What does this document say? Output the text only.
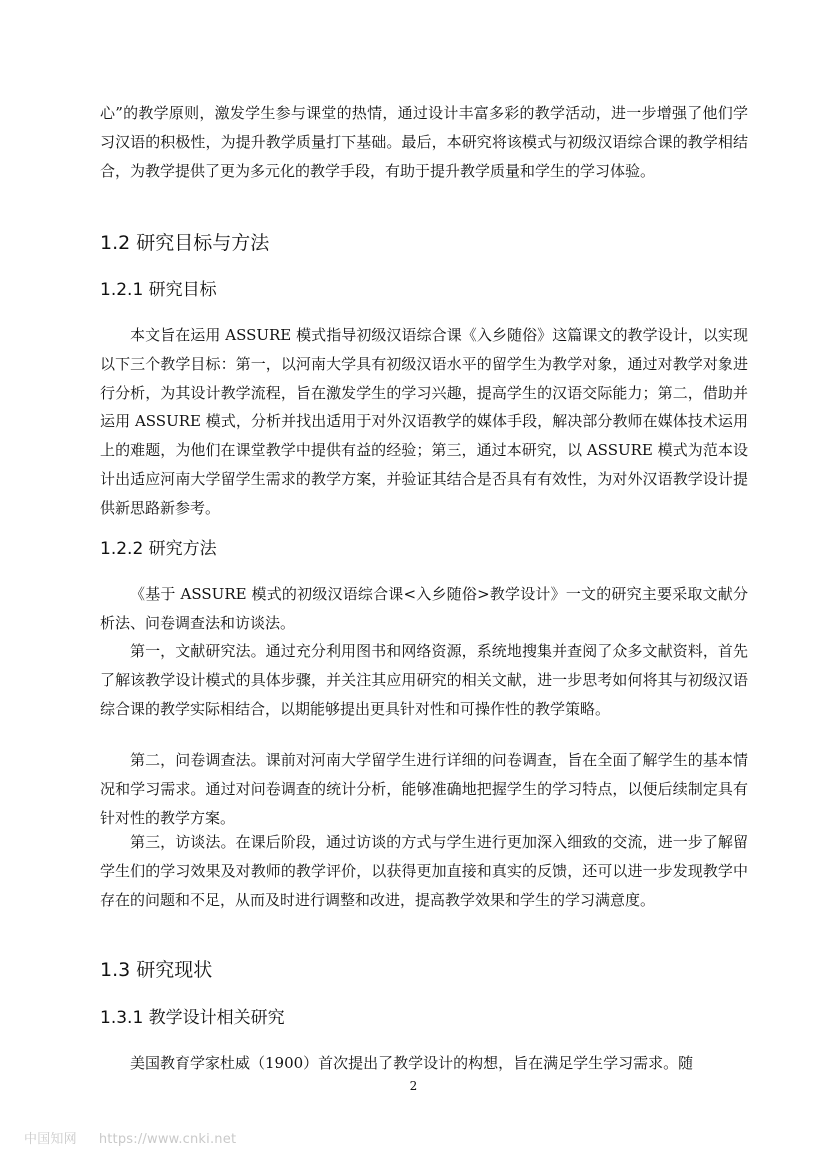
心”的教学原则，激发学生参与课堂的热情，通过设计丰富多彩的教学活动，进一步增强了他们学习汉语的积极性，为提升教学质量打下基础。最后，本研究将该模式与初级汉语综合课的教学相结合，为教学提供了更为多元化的教学手段，有助于提升教学质量和学生的学习体验。

1.2 研究目标与方法
1.2.1 研究目标

本文旨在运用 ASSURE 模式指导初级汉语综合课《入乡随俗》这篇课文的教学设计，以实现以下三个教学目标：第一，以河南大学具有初级汉语水平的留学生为教学对象，通过对教学对象进行分析，为其设计教学流程，旨在激发学生的学习兴趣，提高学生的汉语交际能力；第二，借助并运用 ASSURE 模式，分析并找出适用于对外汉语教学的媒体手段，解决部分教师在媒体技术运用上的难题，为他们在课堂教学中提供有益的经验；第三，通过本研究，以 ASSURE 模式为范本设计出适应河南大学留学生需求的教学方案，并验证其结合是否具有有效性，为对外汉语教学设计提供新思路新参考。

1.2.2 研究方法

《基于 ASSURE 模式的初级汉语综合课<入乡随俗>教学设计》一文的研究主要采取文献分析法、问卷调查法和访谈法。

第一，文献研究法。通过充分利用图书和网络资源，系统地搜集并查阅了众多文献资料，首先了解该教学设计模式的具体步骤，并关注其应用研究的相关文献，进一步思考如何将其与初级汉语综合课的教学实际相结合，以期能够提出更具针对性和可操作性的教学策略。

第二，问卷调查法。课前对河南大学留学生进行详细的问卷调查，旨在全面了解学生的基本情况和学习需求。通过对问卷调查的统计分析，能够准确地把握学生的学习特点，以便后续制定具有针对性的教学方案。

第三，访谈法。在课后阶段，通过访谈的方式与学生进行更加深入细致的交流，进一步了解留学生们的学习效果及对教师的教学评价，以获得更加直接和真实的反馈，还可以进一步发现教学中存在的问题和不足，从而及时进行调整和改进，提高教学效果和学生的学习满意度。

1.3 研究现状
1.3.1 教学设计相关研究

美国教育学家杜威（1900）首次提出了教学设计的构想，旨在满足学生学习需求。随

2
中国知网 https://www.cnki.net
